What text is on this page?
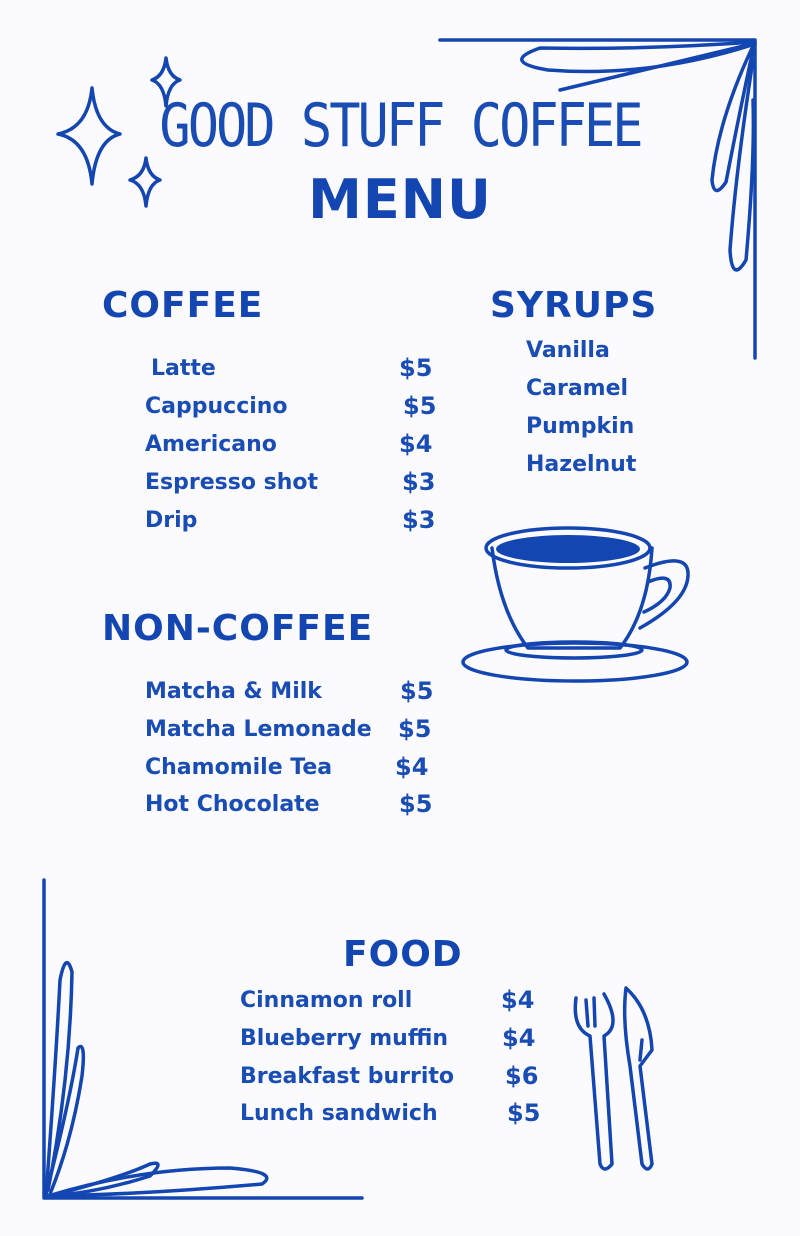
GOOD STUFF COFFEE
MENU
COFFEE
Latte	$5
Cappuccino	$5
Americano	$4
Espresso shot	$3
Drip	$3
SYRUPS
Vanilla
Caramel
Pumpkin
Hazelnut
NON-COFFEE
Matcha & Milk	$5
Matcha Lemonade $5
Chamomile Tea	$4
Hot Chocolate	$5
FOOD
Cinnamon roll	$4
Blueberry muffin $4
Breakfast burrito $6
Lunch sandwich	$5
